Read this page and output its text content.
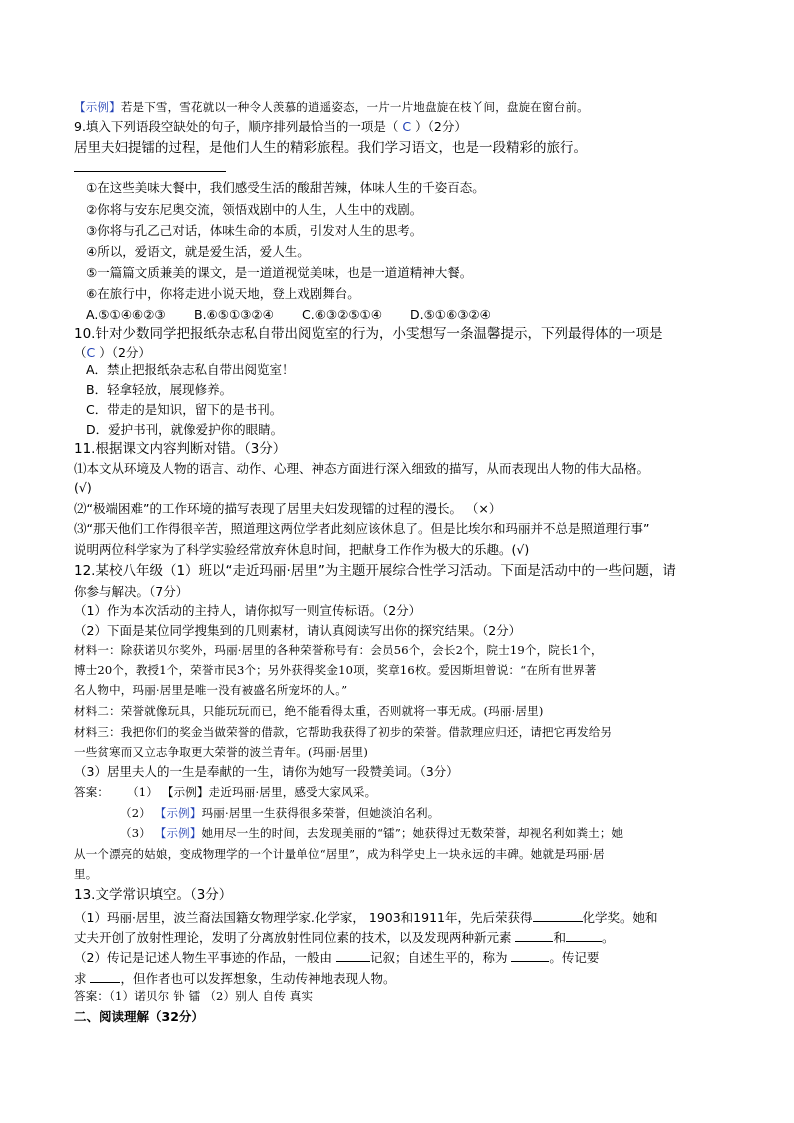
【示例】若是下雪，雪花就以一种令人羡慕的逍遥姿态，一片一片地盘旋在枝丫间，盘旋在窗台前。
9.填入下列语段空缺处的句子，顺序排列最恰当的一项是（ C ）（2分）
居里夫妇提镭的过程，是他们人生的精彩旅程。我们学习语文，也是一段精彩的旅行。
①在这些美味大餐中，我们感受生活的酸甜苦辣，体味人生的千姿百态。
②你将与安东尼奥交流，领悟戏剧中的人生，人生中的戏剧。
③你将与孔乙己对话，体味生命的本质，引发对人生的思考。
④所以，爱语文，就是爱生活，爱人生。
⑤一篇篇文质兼美的课文，是一道道视觉美味，也是一道道精神大餐。
⑥在旅行中，你将走进小说天地，登上戏剧舞台。
A.⑤①④⑥②③ B.⑥⑤①③②④ C.⑥③②⑤①④ D.⑤①⑥③②④
10.针对少数同学把报纸杂志私自带出阅览室的行为，小雯想写一条温馨提示，下列最得体的一项是
（C ）（2分）
A．禁止把报纸杂志私自带出阅览室！
B．轻拿轻放，展现修养。
C．带走的是知识，留下的是书刊。
D．爱护书刊，就像爱护你的眼睛。
11.根据课文内容判断对错。（3分）
⑴本文从环境及人物的语言、动作、心理、神态方面进行深入细致的描写，从而表现出人物的伟大品格。
(√)
⑵“极端困难”的工作环境的描写表现了居里夫妇发现镭的过程的漫长。 （×）
⑶“那天他们工作得很辛苦，照道理这两位学者此刻应该休息了。但是比埃尔和玛丽并不总是照道理行事”
说明两位科学家为了科学实验经常放弃休息时间，把献身工作作为极大的乐趣。(√)
12.某校八年级（1）班以“走近玛丽·居里”为主题开展综合性学习活动。下面是活动中的一些问题，请
你参与解决。（7分）
（1）作为本次活动的主持人，请你拟写一则宣传标语。（2分）
（2）下面是某位同学搜集到的几则素材，请认真阅读写出你的探究结果。（2分）
材料一：除获诺贝尔奖外，玛丽·居里的各种荣誉称号有：会员56个，会长2个，院士19个，院长1个，
博士20个，教授1个，荣誉市民3个；另外获得奖金10项，奖章16枚。爱因斯坦曾说：“在所有世界著
名人物中，玛丽·居里是唯一没有被盛名所宠坏的人。”
材料二：荣誉就像玩具，只能玩玩而已，绝不能看得太重，否则就将一事无成。(玛丽·居里)
材料三：我把你们的奖金当做荣誉的借款，它帮助我获得了初步的荣誉。借款理应归还，请把它再发给另
一些贫寒而又立志争取更大荣誉的波兰青年。(玛丽·居里)
（3）居里夫人的一生是奉献的一生，请你为她写一段赞美词。（3分）
答案： （1） 【示例】走近玛丽·居里，感受大家风采。
（2） 【示例】玛丽·居里一生获得很多荣誉，但她淡泊名利。
（3） 【示例】她用尽一生的时间，去发现美丽的“镭”；她获得过无数荣誉，却视名利如粪土；她
从一个漂亮的姑娘，变成物理学的一个计量单位“居里”，成为科学史上一块永远的丰碑。她就是玛丽·居
里。
13.文学常识填空。（3分）
（1）玛丽·居里，波兰裔法国籍女物理学家.化学家， 1903和1911年，先后荣获得	化学奖。她和
丈夫开创了放射性理论，发明了分离放射性同位素的技术，以及发现两种新元素	和	。
（2）传记是记述人物生平事迹的作品，一般由	记叙；自述生平的，称为	。传记要
求 ，但作者也可以发挥想象，生动传神地表现人物。
答案：（1）诺贝尔 钋 镭 （2）别人 自传 真实
二、阅读理解（32分）
